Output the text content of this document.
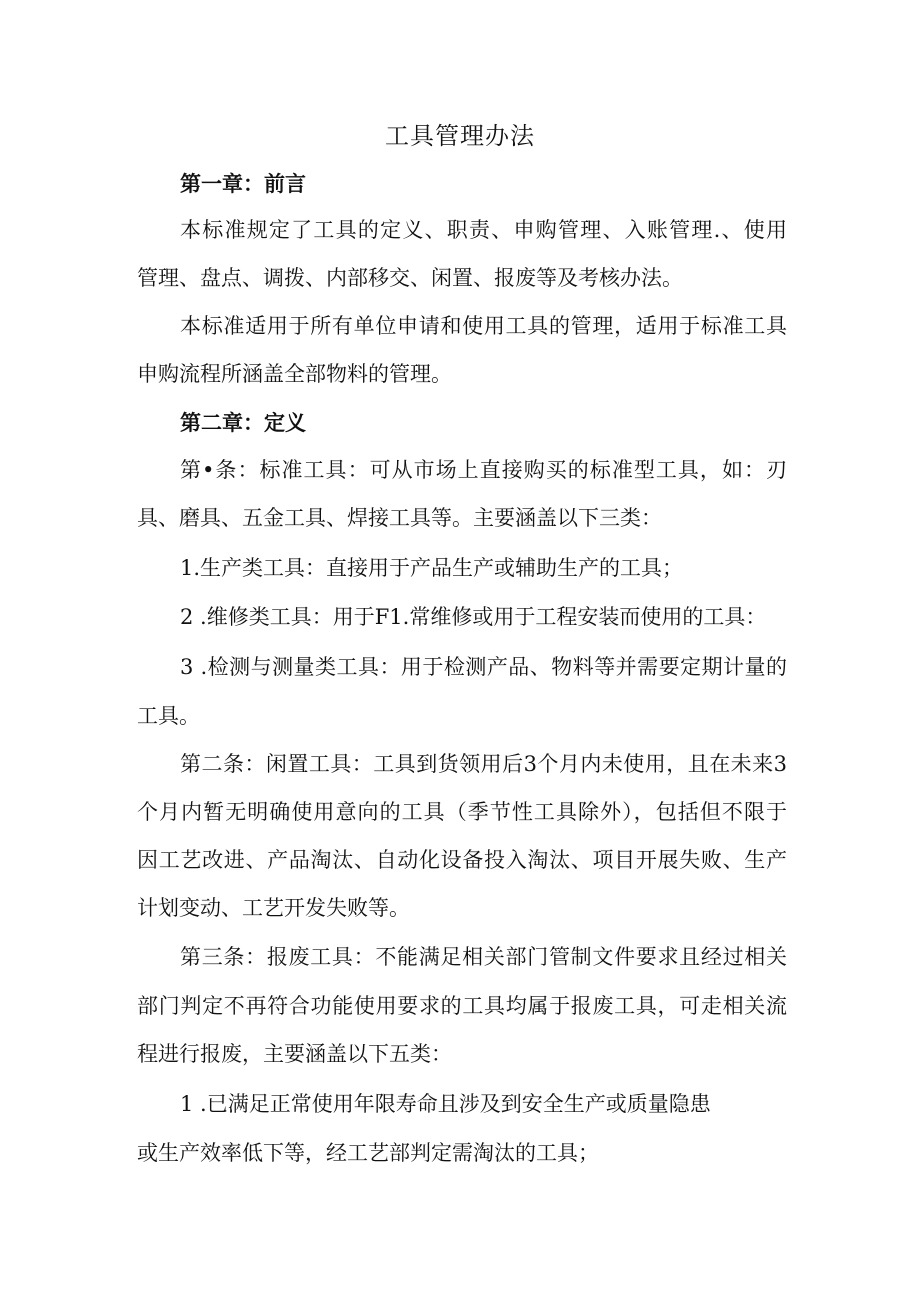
工具管理办法
第一章：前言
本标准规定了工具的定义、职责、申购管理、入账管理.、使用
管理、盘点、调拨、内部移交、闲置、报废等及考核办法。
本标准适用于所有单位申请和使用工具的管理，适用于标准工具
申购流程所涵盖全部物料的管理。
第二章：定义
第•条：标准工具：可从市场上直接购买的标准型工具，如：刃
具、磨具、五金工具、焊接工具等。主要涵盖以下三类：
1.生产类工具：直接用于产品生产或辅助生产的工具；
2 .维修类工具：用于F1.常维修或用于工程安装而使用的工具：
3 .检测与测量类工具：用于检测产品、物料等并需要定期计量的
工具。
第二条：闲置工具：工具到货领用后3个月内未使用，且在未来3
个月内暂无明确使用意向的工具（季节性工具除外），包括但不限于
因工艺改进、产品淘汰、自动化设备投入淘汰、项目开展失败、生产
计划变动、工艺开发失败等。
第三条：报废工具：不能满足相关部门管制文件要求且经过相关
部门判定不再符合功能使用要求的工具均属于报废工具，可走相关流
程进行报废，主要涵盖以下五类：
1 .已满足正常使用年限寿命且涉及到安全生产或质量隐患
或生产效率低下等，经工艺部判定需淘汰的工具；
